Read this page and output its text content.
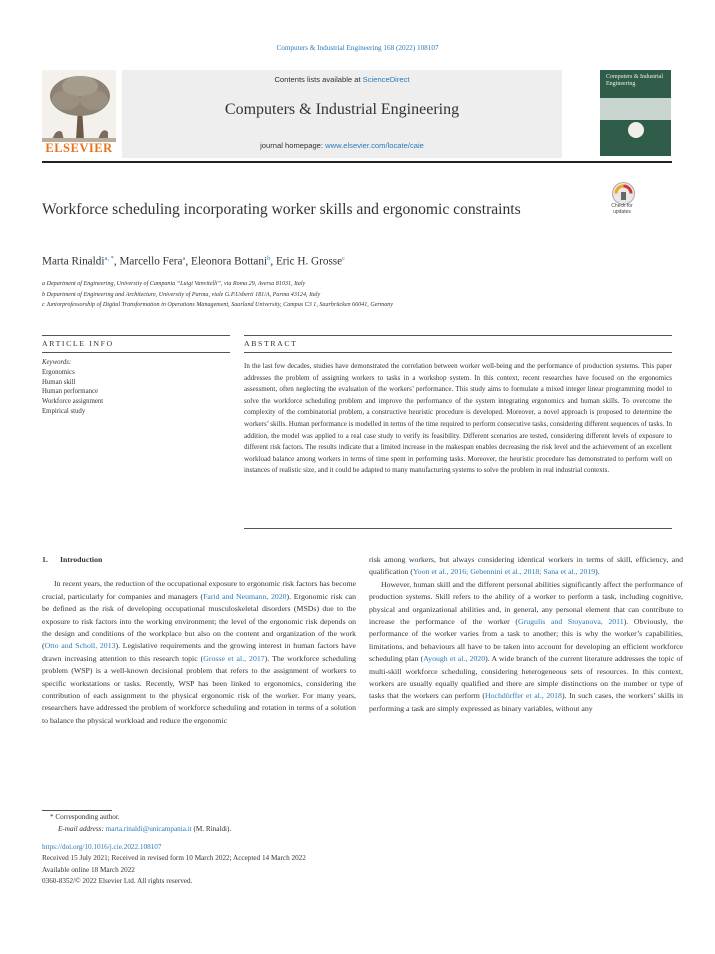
Computers & Industrial Engineering 168 (2022) 108107
ELSEVIER
Contents lists available at ScienceDirect
Computers & Industrial Engineering
journal homepage: www.elsevier.com/locate/caie
Computers & Industrial Engineering
Workforce scheduling incorporating worker skills and ergonomic constraints	Check for updates
Marta Rinaldi$^{a, *}$, Marcello Fera$^a$, Eleonora Bottani$^b$, Eric H. Grosse$^c$
a Department of Engineering, University of Campania “Luigi Vanvitelli”, via Roma 29, Aversa 81031, Italy
b Department of Engineering and Architecture, University of Parma, viale G.P.Usberti 181/A, Parma 43124, Italy
c Juniorprofessorship of Digital Transformation in Operations Management, Saarland University, Campus C3 1, Saarbrücken 66041, Germany
ARTICLE INFO
Keywords:
Ergonomics
Human skill
Human performance
Workforce assignment
Empirical study
ABSTRACT
In the last few decades, studies have demonstrated the correlation between worker well-being and the performance of production systems. This paper addresses the problem of assigning workers to tasks in a workshop system. In this context, recent researches have focused on the ergonomics assessment, often neglecting the evaluation of the workers’ performance. This study aims to formulate a mixed integer linear programming model to solve the workforce scheduling problem and improve the performance of the system integrating ergonomics and human skills. To overcome the complexity of the combinatorial problem, a constructive heuristic procedure is developed. Moreover, a novel approach is proposed to determine the workers’ skills. Human performance is modelled in terms of the time required to perform consecutive tasks, considering different sequences of tasks. In addition, the model was applied to a real case study to verify its feasibility. Different scenarios are tested, considering different levels of exposure to different risk factors. The results indicate that a limited increase in the makespan enables decreasing the risk level and the achievement of an excellent workload balance among workers in terms of time spent in performing tasks. Moreover, the heuristic procedure has demonstrated to perform well on instances of realistic size, and it could be adapted to many manufacturing systems to solve the problem in real industrial contexts.
1. Introduction

In recent years, the reduction of the occupational exposure to ergonomic risk factors has become crucial, particularly for companies and managers (Farid and Neumann, 2020). Ergonomic risk can be defined as the risk of developing occupational musculoskeletal disorders (MSDs) due to the exposure to risk factors into the working environment; the level of the ergonomic risk depends on the design and conditions of the workplace but also on the content and organization of the work (Otto and Scholl, 2013). Legislative requirements and the growing interest in human factors have drawn increasing attention to this research topic (Grosse et al., 2017). The workforce scheduling problem (WSP) is a well-known decisional problem that refers to the assignment of workers to specific workstations or tasks. Recently, WSP has been linked to ergonomics, considering the contribution of each assignment to the physical ergonomic risk of the worker. For many years, researchers have addressed the problem of workforce scheduling and rotation in terms of a solution to balance the physical workload and reduce the ergonomic

risk among workers, but always considering identical workers in terms of skill, efficiency, and qualification (Yoon et al., 2016; Gebennini et al., 2018; Sana et al., 2019).

However, human skill and the different personal abilities significantly affect the performance of production systems. Skill refers to the ability of a worker to perform a task, including cognitive, physical and organizational abilities and, in general, any personal element that can contribute to increase the performance of the worker (Grugulis and Stoyanova, 2011). Obviously, the performance of the worker varies from a task to another; this is why the worker’s capabilities, limitations, and behaviours all have to be taken into account for developing an efficient workforce scheduling plan (Ayough et al., 2020). A wide branch of the current literature addresses the topic of multi-skill workforce scheduling, considering heterogeneous sets of resources. In this context, workers are usually equally qualified and there are simple distinctions on the number or type of tasks that the workers can perform (Hochdörffer et al., 2018). In such cases, the workers’ skills in performing a task are simply expressed as binary variables, without any

* Corresponding author.
E-mail address: marta.rinaldi@unicampania.it (M. Rinaldi).
https://doi.org/10.1016/j.cie.2022.108107
Received 15 July 2021; Received in revised form 10 March 2022; Accepted 14 March 2022
Available online 18 March 2022
0360-8352/© 2022 Elsevier Ltd. All rights reserved.
